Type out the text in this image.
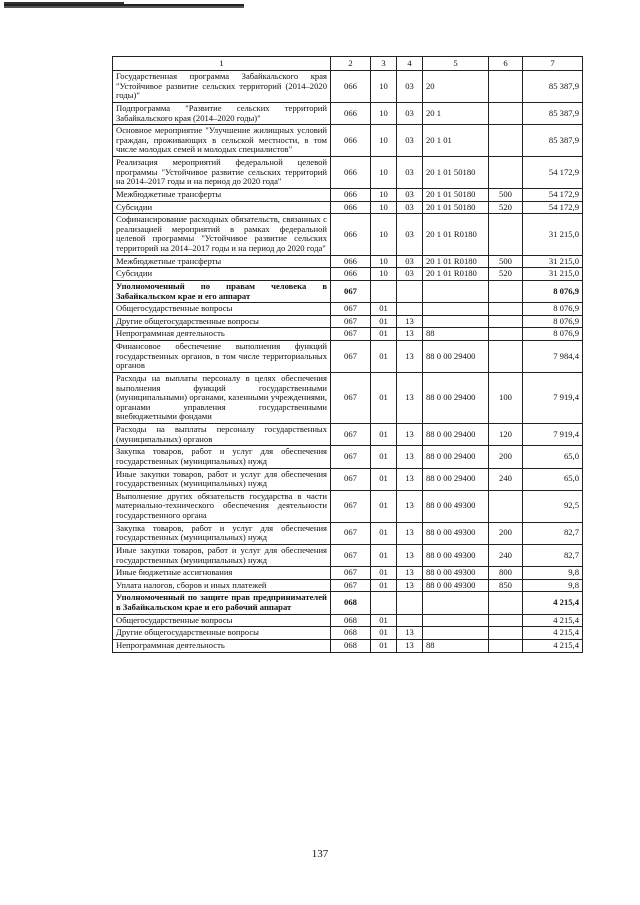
1	2	3	4	5	6	7
Государственная программа Забайкальского края "Устойчивое развитие сельских территорий (2014–2020 годы)"	066	10	03	20		85 387,9
Подпрограмма "Развитие сельских территорий Забайкальского края (2014–2020 годы)"	066	10	03	20 1		85 387,9
Основное мероприятие "Улучшение жилищных условий граждан, проживающих в сельской местности, в том числе молодых семей и молодых специалистов"	066	10	03	20 1 01		85 387,9
Реализация мероприятий федеральной целевой программы "Устойчивое развитие сельских территорий на 2014–2017 годы и на период до 2020 года"	066	10	03	20 1 01 50180		54 172,9
Межбюджетные трансферты	066	10	03	20 1 01 50180	500	54 172,9
Субсидии	066	10	03	20 1 01 50180	520	54 172,9
Софинансирование расходных обязательств, связанных с реализацией мероприятий в рамках федеральной целевой программы "Устойчивое развитие сельских территорий на 2014–2017 годы и на период до 2020 года"	066	10	03	20 1 01 R0180		31 215,0
Межбюджетные трансферты	066	10	03	20 1 01 R0180	500	31 215,0
Субсидии	066	10	03	20 1 01 R0180	520	31 215,0
Уполномоченный по правам человека в Забайкальском крае и его аппарат	067					8 076,9
Общегосударственные вопросы	067	01				8 076,9
Другие общегосударственные вопросы	067	01	13			8 076,9
Непрограммная деятельность	067	01	13	88		8 076,9
Финансовое обеспечение выполнения функций государственных органов, в том числе территориальных органов	067	01	13	88 0 00 29400		7 984,4
Расходы на выплаты персоналу в целях обеспечения выполнения функций государственными (муниципальными) органами, казенными учреждениями, органами управления государственными внебюджетными фондами	067	01	13	88 0 00 29400	100	7 919,4
Расходы на выплаты персоналу государственных (муниципальных) органов	067	01	13	88 0 00 29400	120	7 919,4
Закупка товаров, работ и услуг для обеспечения государственных (муниципальных) нужд	067	01	13	88 0 00 29400	200	65,0
Иные закупки товаров, работ и услуг для обеспечения государственных (муниципальных) нужд	067	01	13	88 0 00 29400	240	65,0
Выполнение других обязательств государства в части материально-технического обеспечения деятельности государственного органа	067	01	13	88 0 00 49300		92,5
Закупка товаров, работ и услуг для обеспечения государственных (муниципальных) нужд	067	01	13	88 0 00 49300	200	82,7
Иные закупки товаров, работ и услуг для обеспечения государственных (муниципальных) нужд	067	01	13	88 0 00 49300	240	82,7
Иные бюджетные ассигнования	067	01	13	88 0 00 49300	800	9,8
Уплата налогов, сборов и иных платежей	067	01	13	88 0 00 49300	850	9,8
Уполномоченный по защите прав предпринимателей в Забайкальском крае и его рабочий аппарат	068					4 215,4
Общегосударственные вопросы	068	01				4 215,4
Другие общегосударственные вопросы	068	01	13			4 215,4
Непрограммная деятельность	068	01	13	88		4 215,4
137
